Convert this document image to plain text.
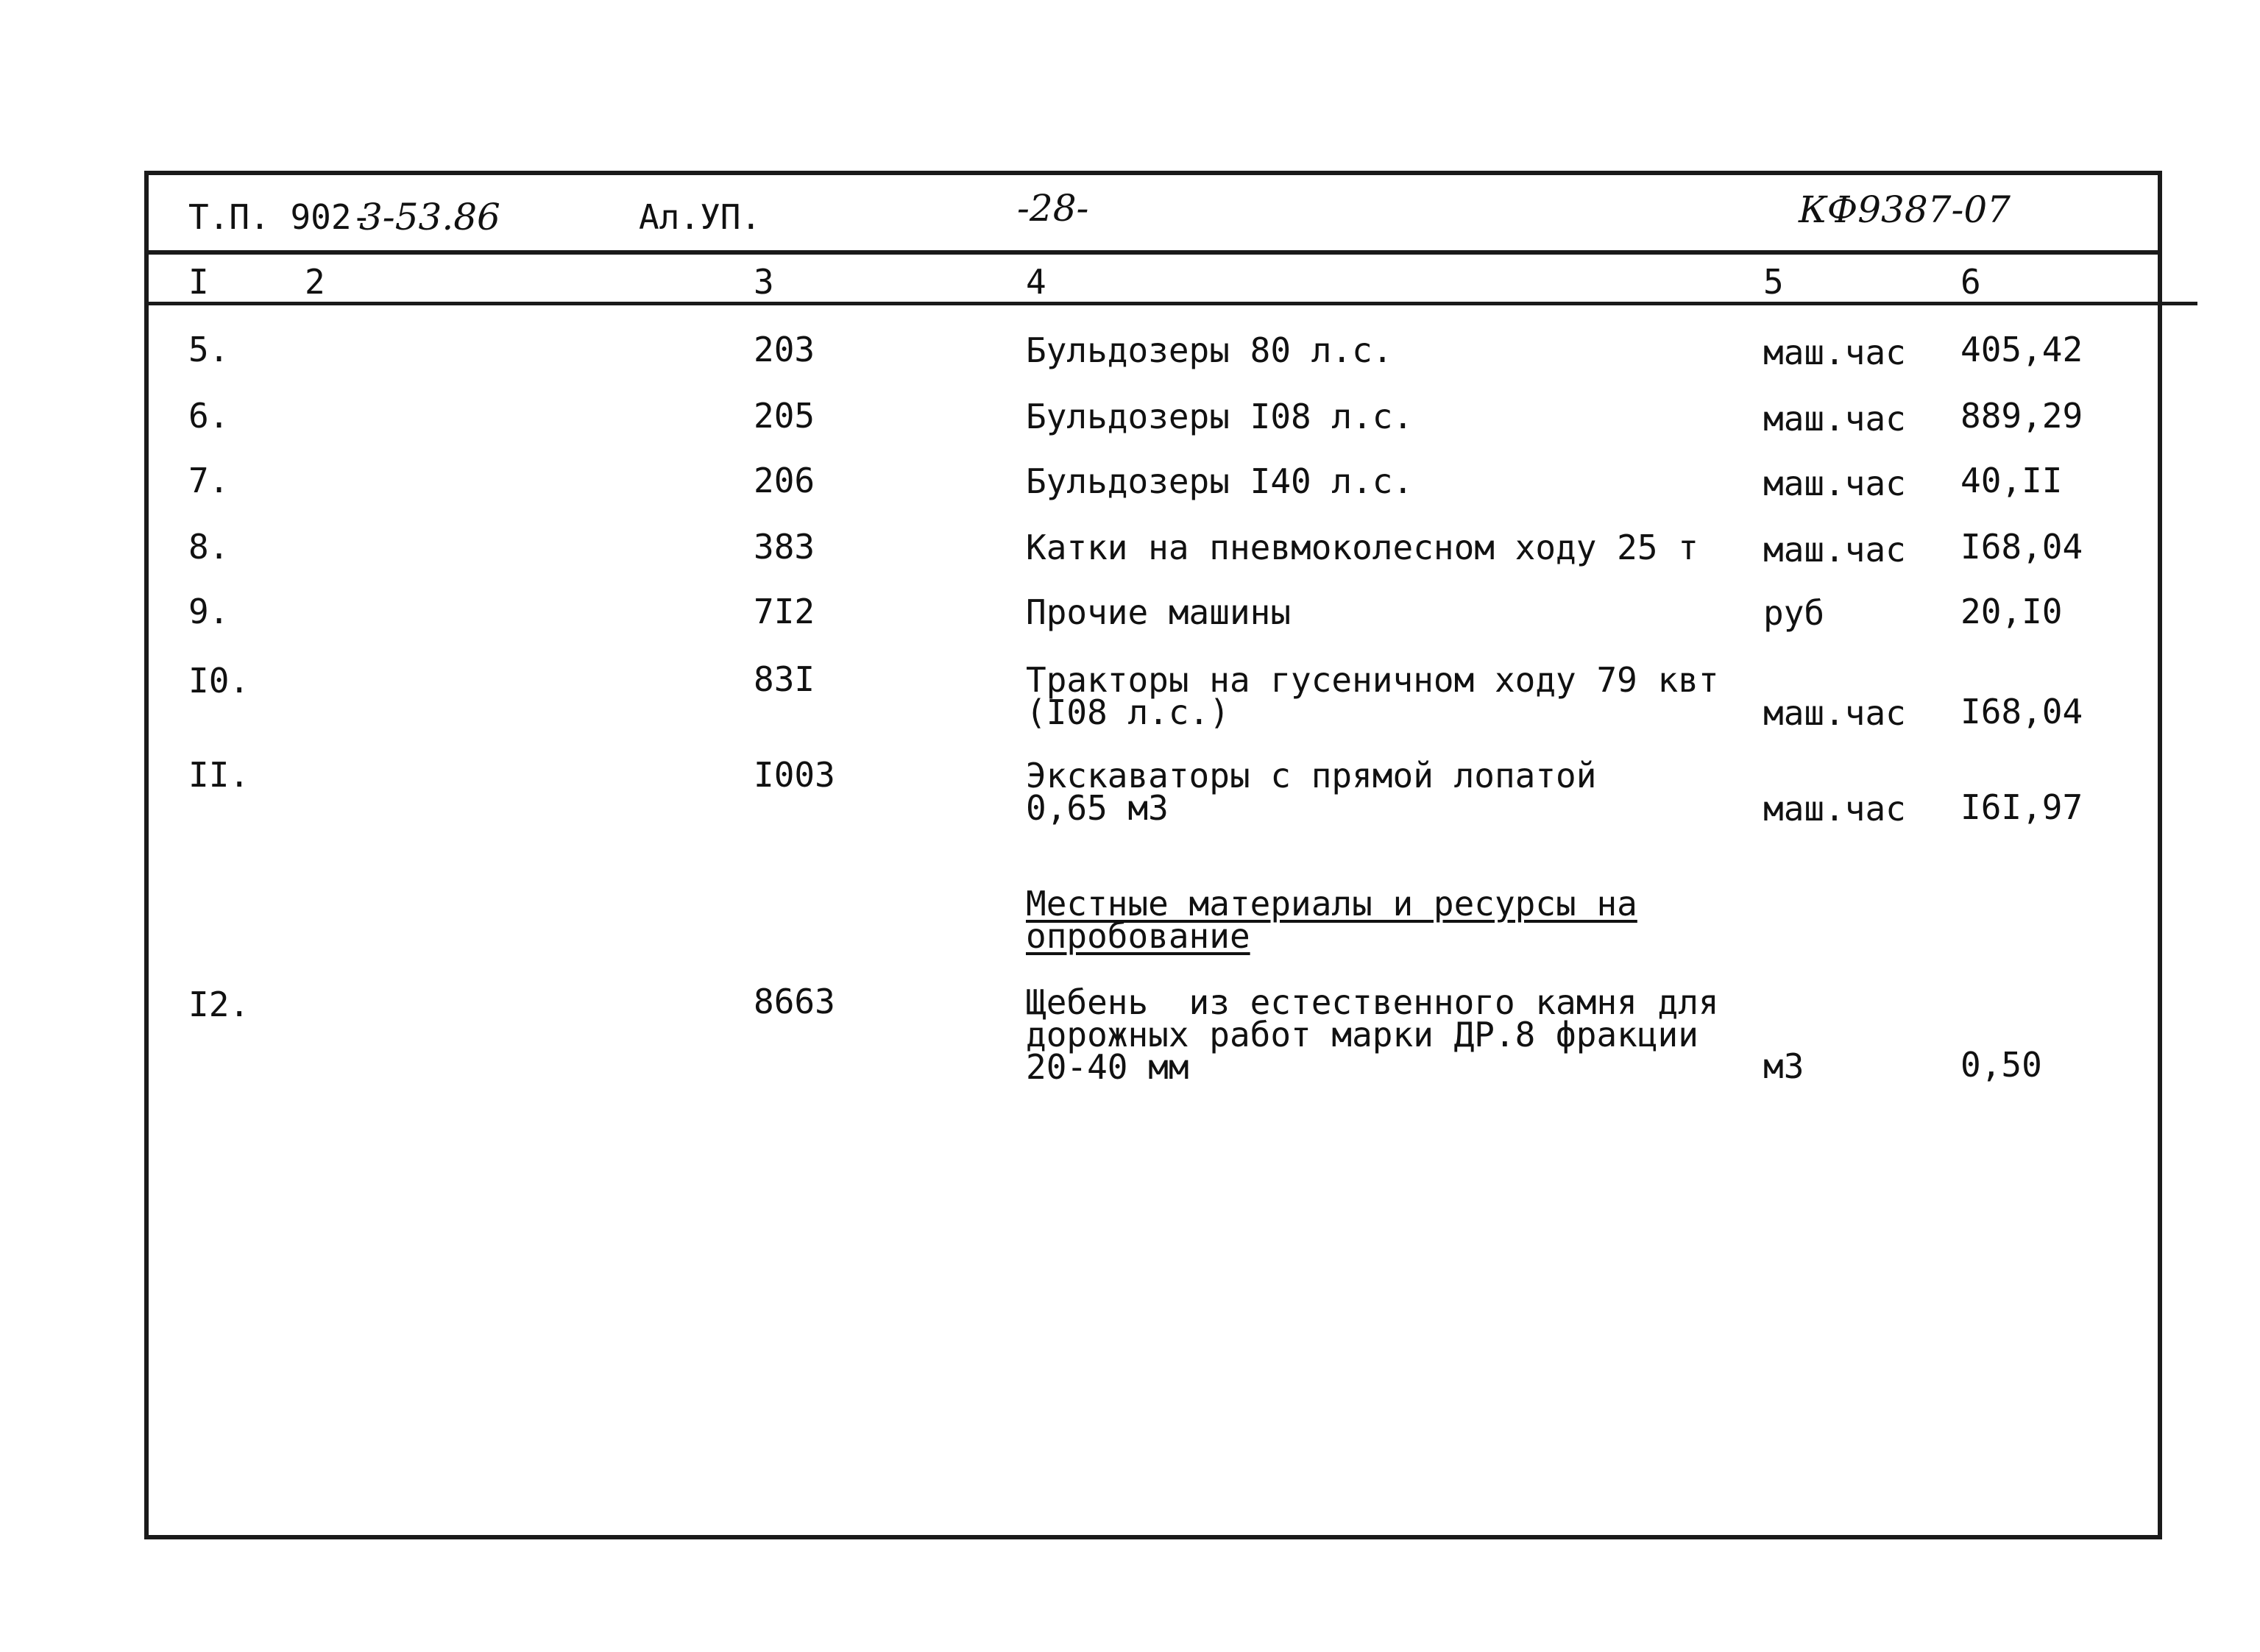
Т.П. 902-
3-53.86	Ал.УП.	-28-	КФ9387-07
I	2	3	4	5	6
5.	203	Бульдозеры 80 л.с.	маш.час 405,42
6.	205	Бульдозеры I08 л.с.	маш.час 889,29
7.	206	Бульдозеры I40 л.с.	маш.час 40,II
8.	383	Катки на пневмоколесном ходу 25 т маш.час I68,04
9.	7I2	Прочие машины	руб	20,I0
I0.	83I	Тракторы на гусеничном ходу 79 квт
(I08 л.с.)	маш.час I68,04
II.	I003	Экскаваторы с прямой лопатой
0,65 м3	маш.час I6I,97
Местные материалы и ресурсы на
опробование
I2.	8663	Щебень  из естественного камня для
дорожных работ марки ДР.8 фракции
20-40 мм	м3	0,50
